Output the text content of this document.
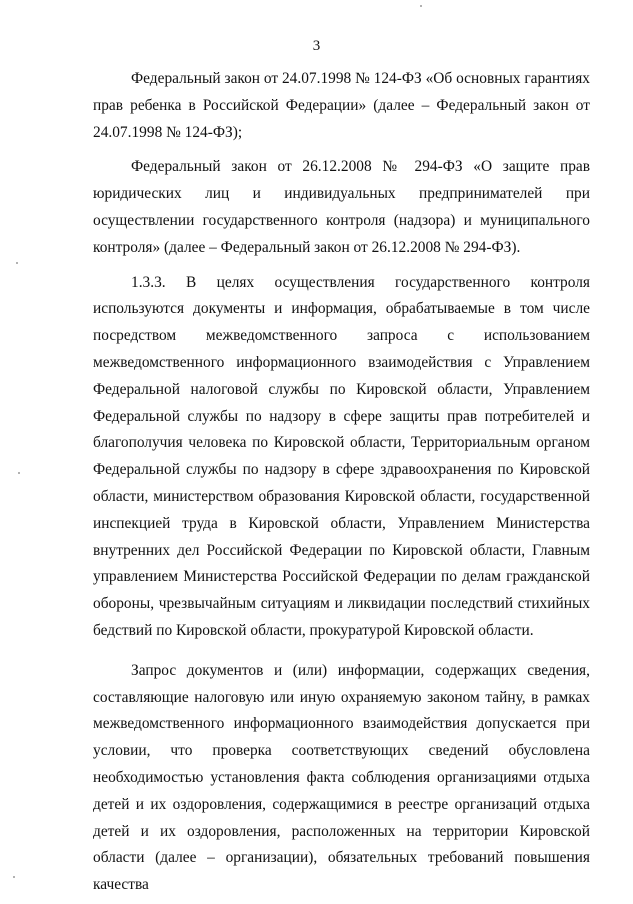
3

Федеральный закон от 24.07.1998 № 124-ФЗ «Об основных гарантиях прав ребенка в Российской Федерации» (далее – Федеральный закон от 24.07.1998 № 124-ФЗ);

Федеральный закон от 26.12.2008 № 294-ФЗ «О защите прав юридических лиц и индивидуальных предпринимателей при осуществлении государственного контроля (надзора) и муниципального контроля» (далее – Федеральный закон от 26.12.2008 № 294-ФЗ).

1.3.3. В целях осуществления государственного контроля используются документы и информация, обрабатываемые в том числе посредством межведомственного запроса с использованием межведомственного информационного взаимодействия с Управлением Федеральной налоговой службы по Кировской области, Управлением Федеральной службы по надзору в сфере защиты прав потребителей и благополучия человека по Кировской области, Территориальным органом Федеральной службы по надзору в сфере здравоохранения по Кировской области, министерством образования Кировской области, государственной инспекцией труда в Кировской области, Управлением Министерства внутренних дел Российской Федерации по Кировской области, Главным управлением Министерства Российской Федерации по делам гражданской обороны, чрезвычайным ситуациям и ликвидации последствий стихийных бедствий по Кировской области, прокуратурой Кировской области.

Запрос документов и (или) информации, содержащих сведения, составляющие налоговую или иную охраняемую законом тайну, в рамках межведомственного информационного взаимодействия допускается при условии, что проверка соответствующих сведений обусловлена необходимостью установления факта соблюдения организациями отдыха детей и их оздоровления, содержащимися в реестре организаций отдыха детей и их оздоровления, расположенных на территории Кировской области (далее – организации), обязательных требований повышения качества
